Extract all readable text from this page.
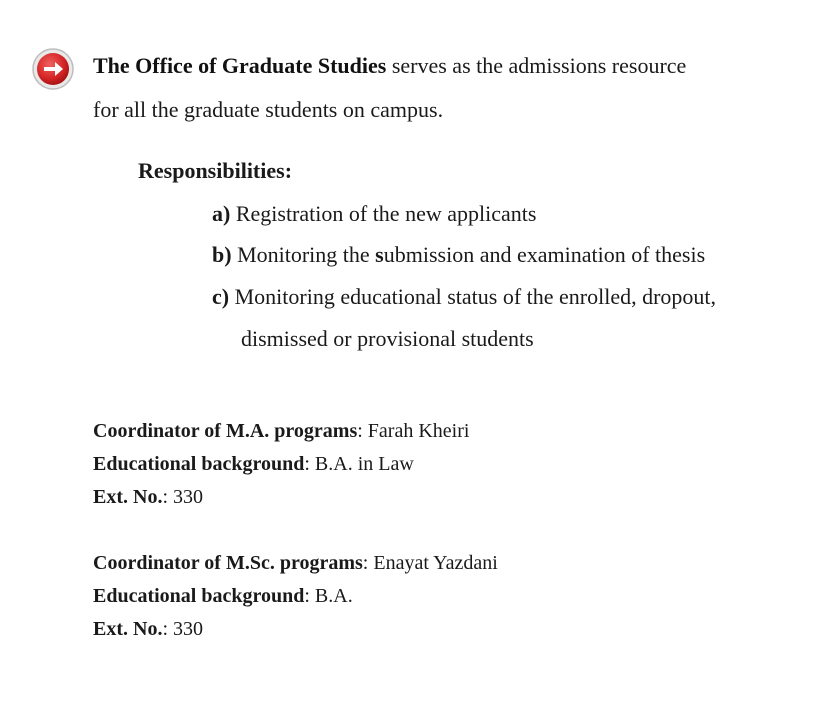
The Office of Graduate Studies serves as the admissions resource
for all the graduate students on campus.
Responsibilities:
a) Registration of the new applicants
b) Monitoring the submission and examination of thesis
c) Monitoring educational status of the enrolled, dropout,
dismissed or provisional students
Coordinator of M.A. programs: Farah Kheiri
Educational background: B.A. in Law
Ext. No.: 330
Coordinator of M.Sc. programs: Enayat Yazdani
Educational background: B.A.
Ext. No.: 330
